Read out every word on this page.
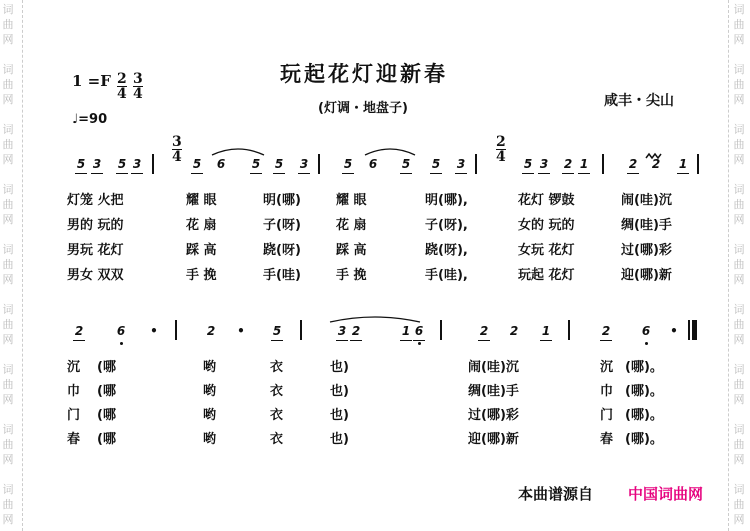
词
曲
网
词
曲
网
词
曲
网
词
曲
网
词
曲
网
词
曲
网
词
曲
网
词
曲
网
词
曲
网
词
曲
网
词
曲
网
词
曲
网
词
曲
网
词
曲
网
词
曲
网
词
曲
网
词
曲
网
词
曲
网
玩起花灯迎新春
(灯调・地盘子)	咸丰・尖山
$1 =F \frac{2}{4} \frac{3}{4}$
♩=90
$\frac{3}{4}$	$\frac{2}{4}$
5 3 5 3	5 6 5 5 3	5 6 5 5 3	5 3 2 1	2 2 1
灯笼 火把	耀 眼	明(哪)	耀 眼	明(哪),	花灯 锣鼓	闹(哇)沉
男的 玩的	花 扇	子(呀)	花 扇	子(呀),	女的 玩的	绸(哇)手
男玩 花灯	踩 高	跷(呀)	踩 高	跷(呀),	女玩 花灯	过(哪)彩
男女 双双	手 挽	手(哇)	手 挽	手(哇),	玩起 花灯	迎(哪)新
2	6 •	2 • 5	3 2	1 6	2 2 1	2	6 •
沉 (哪	哟	衣	也)	闹(哇)沉	沉 (哪)。
巾 (哪	哟	衣	也)	绸(哇)手	巾 (哪)。
门 (哪	哟	衣	也)	过(哪)彩	门 (哪)。
春 (哪	哟	衣	也)	迎(哪)新	春 (哪)。
本曲谱源自 中国词曲网
